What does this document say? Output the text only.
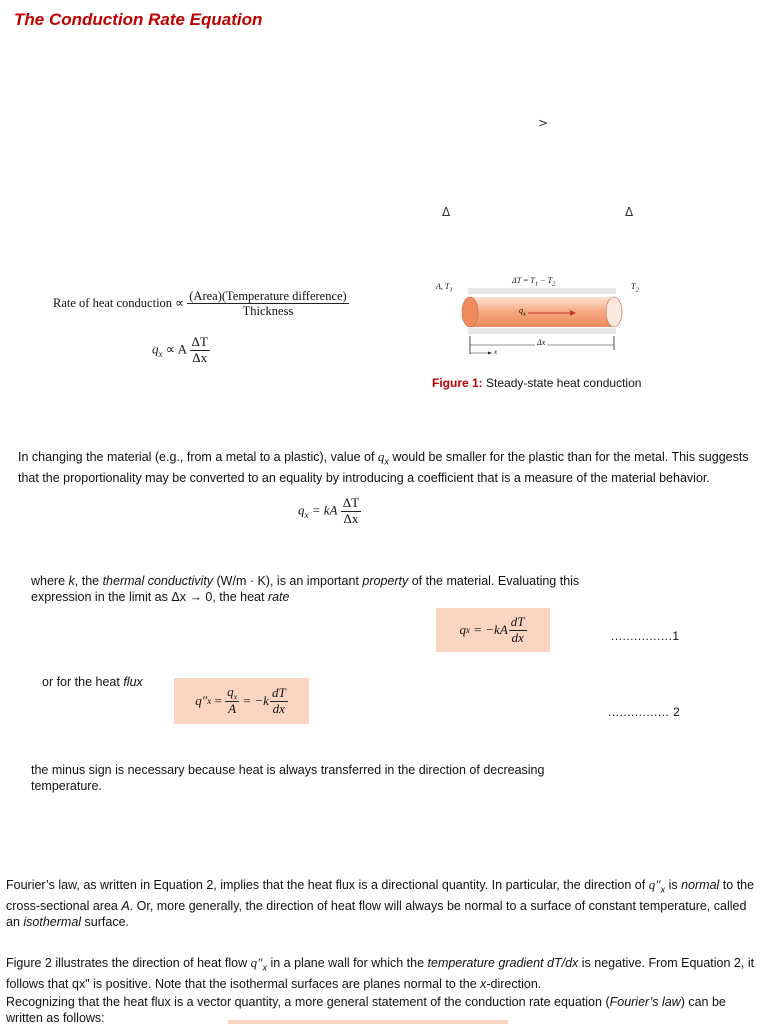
The Conduction Rate Equation
>
Δ	Δ
Rate of heat conduction ∝ $\frac{\text{(Area)(Temperature difference)}}{\text{Thickness}}$
$q_x \propto A \frac{\Delta T}{\Delta x}$
A, $T_1$
$\Delta T = T_1 - T_2$	$T_2$
$q_x$
Δx
x
Figure 1: Steady-state heat conduction
In changing the material (e.g., from a metal to a plastic), value of $q_x$ would be smaller for the plastic than for the metal. This suggests that the proportionality may be converted to an equality by introducing a coefficient that is a measure of the material behavior.
$q_x$ = kA $\frac{\Delta T}{\Delta x}$
where k, the thermal conductivity (W/m · K), is an important property of the material. Evaluating this expression in the limit as Δx → 0, the heat rate
q x
= $-kA \frac{dT}{dx}$	................1
or for the heat flux
q″ x
=
$\frac{q_x}{A}$
= $-k \frac{dT}{dx}$	................ 2
the minus sign is necessary because heat is always transferred in the direction of decreasing temperature.
Fourier’s law, as written in Equation 2, implies that the heat flux is a directional quantity. In particular, the direction of $q''_x$ is normal to the cross-sectional area A. Or, more generally, the direction of heat flow will always be normal to a surface of constant temperature, called an isothermal surface.
Figure 2 illustrates the direction of heat flow $q''_x$ in a plane wall for which the temperature gradient dT/dx is negative. From Equation 2, it follows that qx" is positive. Note that the isothermal surfaces are planes normal to the x-direction.
Recognizing that the heat flux is a vector quantity, a more general statement of the conduction rate equation (Fourier’s law) can be written as follows:
